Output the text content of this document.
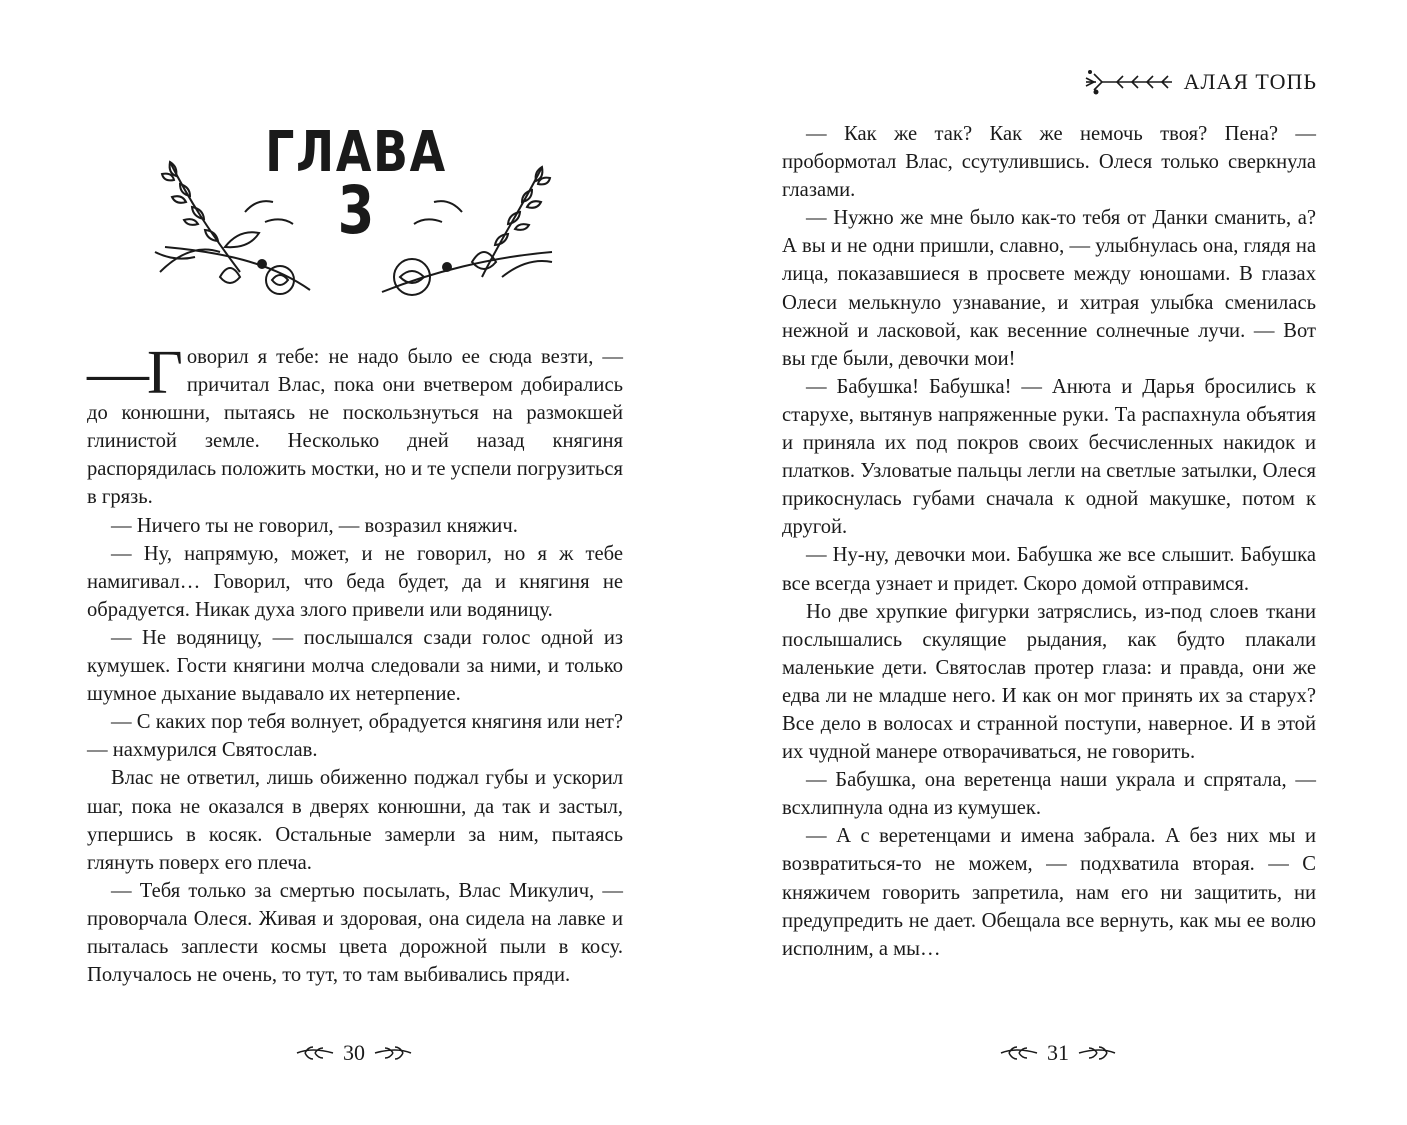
ГЛАВА
3

—Г оворил я тебе: не надо было ее сюда везти, — причитал Влас, пока они вчетвером добирались до конюшни, пытаясь не поскользнуться на размокшей глинистой земле. Несколько дней назад княгиня распорядилась положить мостки, но и те успели погрузиться в грязь.

— Ничего ты не говорил, — возразил княжич.

— Ну, напрямую, может, и не говорил, но я ж тебе намигивал… Говорил, что беда будет, да и княгиня не обрадуется. Никак духа злого привели или водяницу.

— Не водяницу, — послышался сзади голос одной из кумушек. Гости княгини молча следовали за ними, и только шумное дыхание выдавало их нетерпение.

— С каких пор тебя волнует, обрадуется княгиня или нет? — нахмурился Святослав.

Влас не ответил, лишь обиженно поджал губы и ускорил шаг, пока не оказался в дверях конюшни, да так и застыл, упершись в косяк. Остальные замерли за ним, пытаясь глянуть поверх его плеча.

— Тебя только за смертью посылать, Влас Микулич, — проворчала Олеся. Живая и здоровая, она сидела на лавке и пыталась заплести космы цвета дорожной пыли в косу. Получалось не очень, то тут, то там выбивались пряди.

30
АЛАЯ ТОПЬ

— Как же так? Как же немочь твоя? Пена? — пробормотал Влас, ссутулившись. Олеся только сверкнула глазами.

— Нужно же мне было как-то тебя от Данки сманить, а? А вы и не одни пришли, славно, — улыбнулась она, глядя на лица, показавшиеся в просвете между юношами. В глазах Олеси мелькнуло узнавание, и хитрая улыбка сменилась нежной и ласковой, как весенние солнечные лучи. — Вот вы где были, девочки мои!

— Бабушка! Бабушка! — Анюта и Дарья бросились к старухе, вытянув напряженные руки. Та распахнула объятия и приняла их под покров своих бесчисленных накидок и платков. Узловатые пальцы легли на светлые затылки, Олеся прикоснулась губами сначала к одной макушке, потом к другой.

— Ну-ну, девочки мои. Бабушка же все слышит. Бабушка все всегда узнает и придет. Скоро домой отправимся.

Но две хрупкие фигурки затряслись, из-под слоев ткани послышались скулящие рыдания, как будто плакали маленькие дети. Святослав протер глаза: и правда, они же едва ли не младше него. И как он мог принять их за старух? Все дело в волосах и странной поступи, наверное. И в этой их чудной манере отворачиваться, не говорить.

— Бабушка, она веретенца наши украла и спрятала, — всхлипнула одна из кумушек.

— А с веретенцами и имена забрала. А без них мы и возвратиться-то не можем, — подхватила вторая. — С княжичем говорить запретила, нам его ни защитить, ни предупредить не дает. Обещала все вернуть, как мы ее волю исполним, а мы…

31
